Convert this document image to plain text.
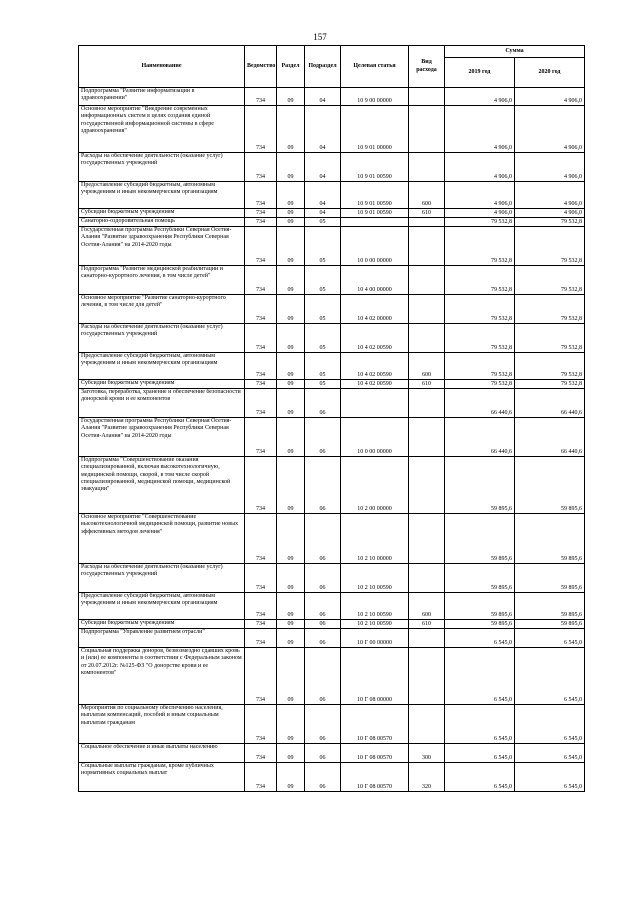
157
Наименование	Ведомство	Раздел	Подраздел	Целевая статья	Вид расхода	Сумма	
						2019 год	2020 год
Подпрограмма "Развитие информатизации в здравоохранении"	734	09	04	10 9 00 00000		4 906,0	4 906,0
Основное мероприятие "Внедрение современных информационных систем в целях создания единой государственной информационной системы в сфере здравоохранения"	734	09	04	10 9 01 00000		4 906,0	4 906,0
Расходы на обеспечение деятельности (оказание услуг) государственных учреждений	734	09	04	10 9 01 00590		4 906,0	4 906,0
Предоставление субсидий бюджетным, автономным учреждениям и иным некоммерческим организациям	734	09	04	10 9 01 00590	600	4 906,0	4 906,0
Субсидии бюджетным учреждениям	734	09	04	10 9 01 00590	610	4 906,0	4 906,0
Санаторно-оздоровительная помощь	734	09	05			79 532,8	79 532,8
Государственная программа Республики Северная Осетия-Алания "Развитие здравоохранения Республики Северная Осетия-Алания" на 2014-2020 годы	734	09	05	10 0 00 00000		79 532,8	79 532,8
Подпрограмма "Развитие медицинской реабилитации и санаторно-курортного лечения, в том числе детей"	734	09	05	10 4 00 00000		79 532,8	79 532,8
Основное мероприятие "Развитие санаторно-курортного лечения, в том числе для детей"	734	09	05	10 4 02 00000		79 532,8	79 532,8
Расходы на обеспечение деятельности (оказание услуг) государственных учреждений	734	09	05	10 4 02 00590		79 532,8	79 532,8
Предоставление субсидий бюджетным, автономным учреждениям и иным некоммерческим организациям	734	09	05	10 4 02 00590	600	79 532,8	79 532,8
Субсидии бюджетным учреждениям	734	09	05	10 4 02 00590	610	79 532,8	79 532,8
Заготовка, переработка, хранение и обеспечение безопасности донорской крови и ее компонентов	734	09	06			66 440,6	66 440,6
Государственная программа Республики Северная Осетия-Алания "Развитие здравоохранения Республики Северная Осетия-Алания" на 2014-2020 годы	734	09	06	10 0 00 00000		66 440,6	66 440,6
Подпрограмма "Совершенствование оказания специализированной, включая высокотехнологичную, медицинской помощи, скорой, в том числе скорой специализированной, медицинской помощи, медицинской эвакуации"	734	09	06	10 2 00 00000		59 895,6	59 895,6
Основное мероприятие "Совершенствование высокотехнологичной медицинской помощи, развитие новых эффективных методов лечения"	734	09	06	10 2 10 00000		59 895,6	59 895,6
Расходы на обеспечение деятельности (оказание услуг) государственных учреждений	734	09	06	10 2 10 00590		59 895,6	59 895,6
Предоставление субсидий бюджетным, автономным учреждениям и иным некоммерческим организациям	734	09	06	10 2 10 00590	600	59 895,6	59 895,6
Субсидии бюджетным учреждениям	734	09	06	10 2 10 00590	610	59 895,6	59 895,6
Подпрограмма "Управление развитием отрасли"	734	09	06	10 Г 00 00000		6 545,0	6 545,0
Социальная поддержка доноров, безвозмездно сдавших кровь и (или) ее компоненты в соответствии с Федеральным законом от 20.07.2012г. №125-ФЗ "О донорстве крови и ее компонентов"	734	09	06	10 Г 08 00000		6 545,0	6 545,0
Мероприятия по социальному обеспечению населения, выплатам компенсаций, пособий и иным социальным выплатам гражданам	734	09	06	10 Г 08 00570		6 545,0	6 545,0
Социальное обеспечение и иные выплаты населению	734	09	06	10 Г 08 00570	300	6 545,0	6 545,0
Социальные выплаты гражданам, кроме публичных нормативных социальных выплат	734	09	06	10 Г 08 00570	320	6 545,0	6 545,0
